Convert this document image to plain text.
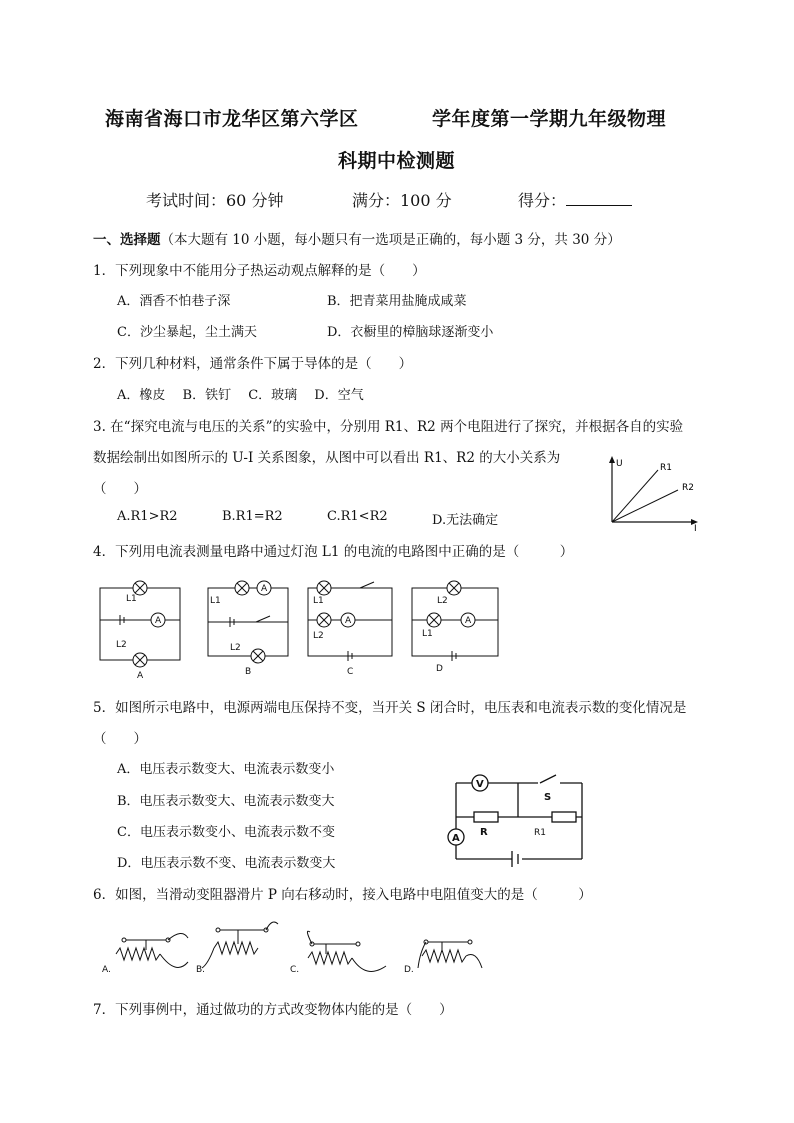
海南省海口市龙华区第六学区	学年度第一学期九年级物理
科期中检测题
考试时间：60 分钟	满分：100 分	得分：
一、选择题（本大题有 10 小题，每小题只有一选项是正确的，每小题 3 分，共 30 分）
1．下列现象中不能用分子热运动观点解释的是（　　）
A．酒香不怕巷子深	B．把青菜用盐腌成咸菜
C．沙尘暴起，尘土满天	D．衣橱里的樟脑球逐渐变小
2．下列几种材料，通常条件下属于导体的是（　　）
A．橡皮　 B．铁钉　 C．玻璃　 D．空气
3. 在“探究电流与电压的关系”的实验中，分别用 R1、R2 两个电阻进行了探究，并根据各自的实验
数据绘制出如图所示的 U-I 关系图象，从图中可以看出 R1、R2 的大小关系为
（　　）
A.R1>R2	B.R1=R2	C.R1<R2	D.无法确定
U
I
R1
R2
4．下列用电流表测量电路中通过灯泡 L1 的电流的电路图中正确的是（　　　）
A
L1
L2
A
A
L1
L2
B
A
L1
L2
C
A
L2
L1
D
5．如图所示电路中，电源两端电压保持不变，当开关 S 闭合时，电压表和电流表示数的变化情况是
（　　）
A．电压表示数变大、电流表示数变小
B．电压表示数变大、电流表示数变大
C．电压表示数变小、电流表示数不变
D．电压表示数不变、电流表示数变大
V
A
S
R	R1
6．如图，当滑动变阻器滑片 P 向右移动时，接入电路中电阻值变大的是（　　　）
A.	B.	C.	D.
7．下列事例中，通过做功的方式改变物体内能的是（　　）
